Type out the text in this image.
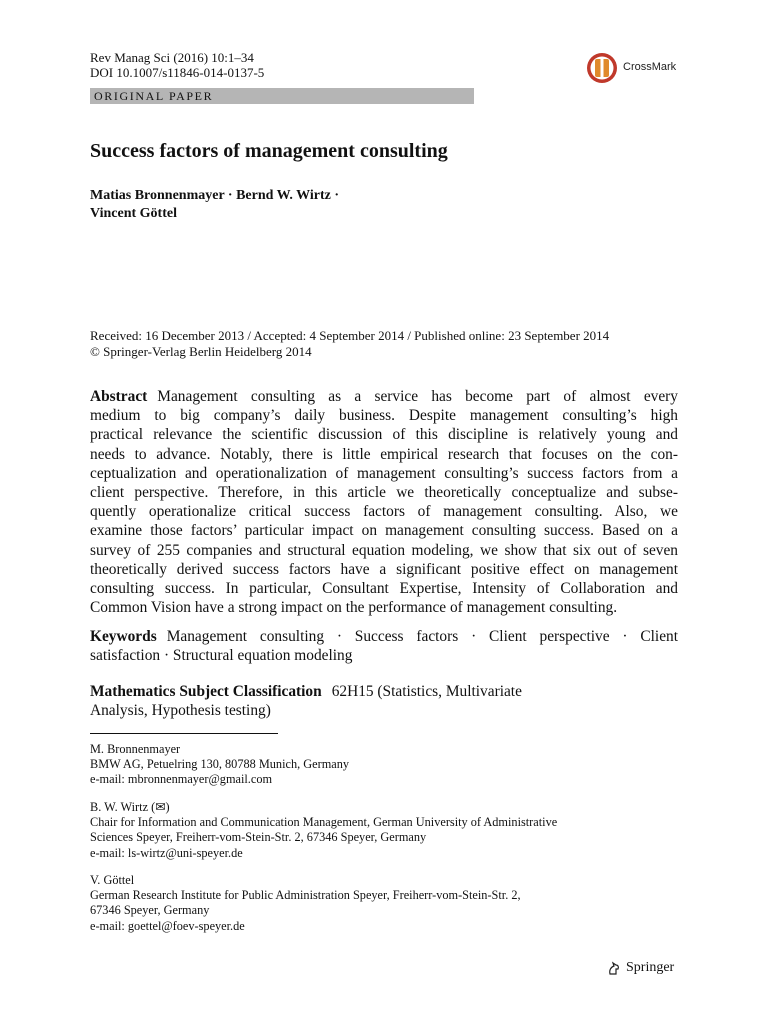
Rev Manag Sci (2016) 10:1–34
DOI 10.1007/s11846-014-0137-5	CrossMark
ORIGINAL PAPER
Success factors of management consulting
Matias Bronnenmayer · Bernd W. Wirtz ·
Vincent Göttel
Received: 16 December 2013 / Accepted: 4 September 2014 / Published online: 23 September 2014
© Springer-Verlag Berlin Heidelberg 2014
Abstract Management consulting as a service has become part of almost every
medium to big company’s daily business. Despite management consulting’s high
practical relevance the scientific discussion of this discipline is relatively young and
needs to advance. Notably, there is little empirical research that focuses on the con-
ceptualization and operationalization of management consulting’s success factors from a
client perspective. Therefore, in this article we theoretically conceptualize and subse-
quently operationalize critical success factors of management consulting. Also, we
examine those factors’ particular impact on management consulting success. Based on a
survey of 255 companies and structural equation modeling, we show that six out of seven
theoretically derived success factors have a significant positive effect on management
consulting success. In particular, Consultant Expertise, Intensity of Collaboration and
Common Vision have a strong impact on the performance of management consulting.
Keywords Management consulting · Success factors · Client perspective · Client
satisfaction · Structural equation modeling
Mathematics Subject Classification 62H15 (Statistics, Multivariate
Analysis, Hypothesis testing)
M. Bronnenmayer
BMW AG, Petuelring 130, 80788 Munich, Germany
e-mail: mbronnenmayer@gmail.com
B. W. Wirtz (✉)
Chair for Information and Communication Management, German University of Administrative
Sciences Speyer, Freiherr-vom-Stein-Str. 2, 67346 Speyer, Germany
e-mail: ls-wirtz@uni-speyer.de
V. Göttel
German Research Institute for Public Administration Speyer, Freiherr-vom-Stein-Str. 2,
67346 Speyer, Germany
e-mail: goettel@foev-speyer.de
Springer
